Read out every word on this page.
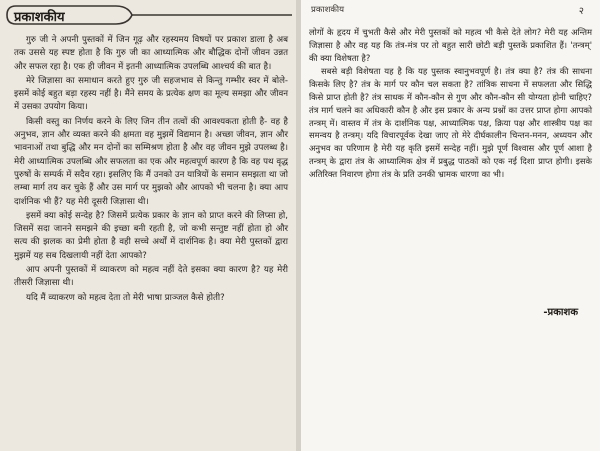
प्रकाशकीय

गुरु जी ने अपनी पुस्तकों में जिन गूढ़ और रहस्यमय विषयों पर प्रकाश डाला है अब तक उससे यह स्पष्ट होता है कि गुरु जी का आध्यात्मिक और बौद्धिक दोनों जीवन उन्नत और सफल रहा है। एक ही जीवन में इतनी आध्यात्मिक उपलब्धि आश्चर्य की बात है।

मेरे जिज्ञासा का समाधान करते हुए गुरु जी सहजभाव से किन्तु गम्भीर स्वर में बोले- इसमें कोई बहुत बड़ा रहस्य नहीं है। मैंने समय के प्रत्येक क्षण का मूल्य समझा और जीवन में उसका उपयोग किया।

किसी वस्तु का निर्णय करने के लिए जिन तीन तत्वों की आवश्यकता होती है- वह है अनुभव, ज्ञान और व्यक्त करने की क्षमता वह मुझमें विद्यमान है। अच्छा जीवन, ज्ञान और भावनाओं तथा बुद्धि और मन दोनों का सम्मिश्रण होता है और वह जीवन मुझे उपलब्ध है। मेरी आध्यात्मिक उपलब्धि और सफलता का एक और महत्वपूर्ण कारण है कि वह पथ वृद्ध पुरुषों के सम्पर्क में सदैव रहा। इसलिए कि मैं उनको उन यात्रियों के समान समझता था जो लम्बा मार्ग तय कर चुके हैं और उस मार्ग पर मुझको और आपको भी चलना है। क्या आप दार्शनिक भी हैं? यह मेरी दूसरी जिज्ञासा थी।

इसमें क्या कोई सन्देह है? जिसमें प्रत्येक प्रकार के ज्ञान को प्राप्त करने की लिप्सा हो, जिसमें सदा जानने समझने की इच्छा बनी रहती है, जो कभी सन्तुष्ट नहीं होता हो और सत्य की झलक का प्रेमी होता है वही सच्चे अर्थों में दार्शनिक है। क्या मेरी पुस्तकों द्वारा मुझमें यह सब दिखलायी नहीं देता आपको?

आप अपनी पुस्तकों में व्याकरण को महत्व नहीं देते इसका क्या कारण है? यह मेरी तीसरी जिज्ञासा थी।

यदि मैं व्याकरण को महत्व देता तो मेरी भाषा प्राञ्जल कैसे होती?

प्रकाशकीय	२

लोगों के हृदय में चुभती कैसे और मेरी पुस्तकों को महत्व भी कैसे देते लोग? मेरी यह अन्तिम जिज्ञासा है और वह यह कि तंत्र-मंत्र पर तो बहुत सारी छोटी बड़ी पुस्तकें प्रकाशित हैं। 'तन्त्रम्' की क्या विशेषता है?

सबसे बड़ी विशेषता यह है कि यह पुस्तक स्वानुभवपूर्ण है। तंत्र क्या है? तंत्र की साधना किसके लिए है? तंत्र के मार्ग पर कौन चल सकता है? तांत्रिक साधना में सफलता और सिद्धि किसे प्राप्त होती है? तंत्र साधक में कौन-कौन से गुण और कौन-कौन सी योग्यता होनी चाहिए? तंत्र मार्ग चलने का अधिकारी कौन है और इस प्रकार के अन्य प्रश्नों का उत्तर प्राप्त होगा आपको तन्त्रम् में। वास्तव में तंत्र के दार्शनिक पक्ष, आध्यात्मिक पक्ष, क्रिया पक्ष और शास्त्रीय पक्ष का समन्वय है तन्त्रम्। यदि विचारपूर्वक देखा जाए तो मेरे दीर्घकालीन चिन्तन-मनन, अध्ययन और अनुभव का परिणाम है मेरी यह कृति इसमें सन्देह नहीं। मुझे पूर्ण विश्वास और पूर्ण आशा है तन्त्रम् के द्वारा तंत्र के आध्यात्मिक क्षेत्र में प्रबुद्ध पाठकों को एक नई दिशा प्राप्त होगी। इसके अतिरिक्त निवारण होगा तंत्र के प्रति उनकी भ्रामक धारणा का भी।

-प्रकाशक
